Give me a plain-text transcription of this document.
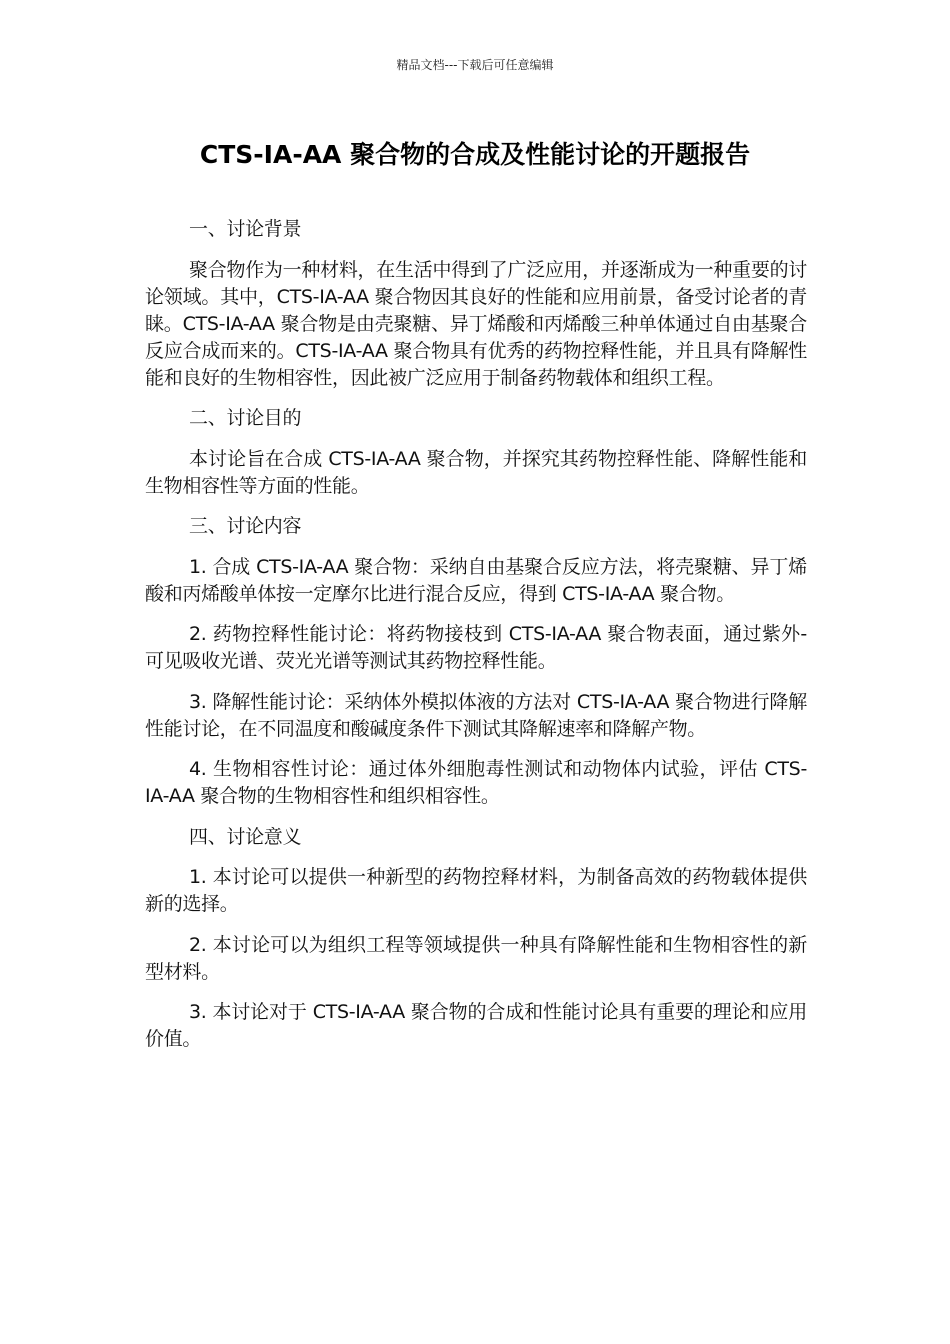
精品文档---下载后可任意编辑
CTS-IA-AA 聚合物的合成及性能讨论的开题报告

一、讨论背景

聚合物作为一种材料，在生活中得到了广泛应用，并逐渐成为一种重要的讨论领域。其中，CTS-IA-AA 聚合物因其良好的性能和应用前景，备受讨论者的青睐。CTS-IA-AA 聚合物是由壳聚糖、异丁烯酸和丙烯酸三种单体通过自由基聚合反应合成而来的。CTS-IA-AA 聚合物具有优秀的药物控释性能，并且具有降解性能和良好的生物相容性，因此被广泛应用于制备药物载体和组织工程。

二、讨论目的

本讨论旨在合成 CTS-IA-AA 聚合物，并探究其药物控释性能、降解性能和生物相容性等方面的性能。

三、讨论内容

1. 合成 CTS-IA-AA 聚合物：采纳自由基聚合反应方法，将壳聚糖、异丁烯酸和丙烯酸单体按一定摩尔比进行混合反应，得到 CTS-IA-AA 聚合物。

2. 药物控释性能讨论：将药物接枝到 CTS-IA-AA 聚合物表面，通过紫外-可见吸收光谱、荧光光谱等测试其药物控释性能。

3. 降解性能讨论：采纳体外模拟体液的方法对 CTS-IA-AA 聚合物进行降解性能讨论，在不同温度和酸碱度条件下测试其降解速率和降解产物。

4. 生物相容性讨论：通过体外细胞毒性测试和动物体内试验，评估 CTS-IA-AA 聚合物的生物相容性和组织相容性。

四、讨论意义

1. 本讨论可以提供一种新型的药物控释材料，为制备高效的药物载体提供新的选择。

2. 本讨论可以为组织工程等领域提供一种具有降解性能和生物相容性的新型材料。

3. 本讨论对于 CTS-IA-AA 聚合物的合成和性能讨论具有重要的理论和应用价值。
